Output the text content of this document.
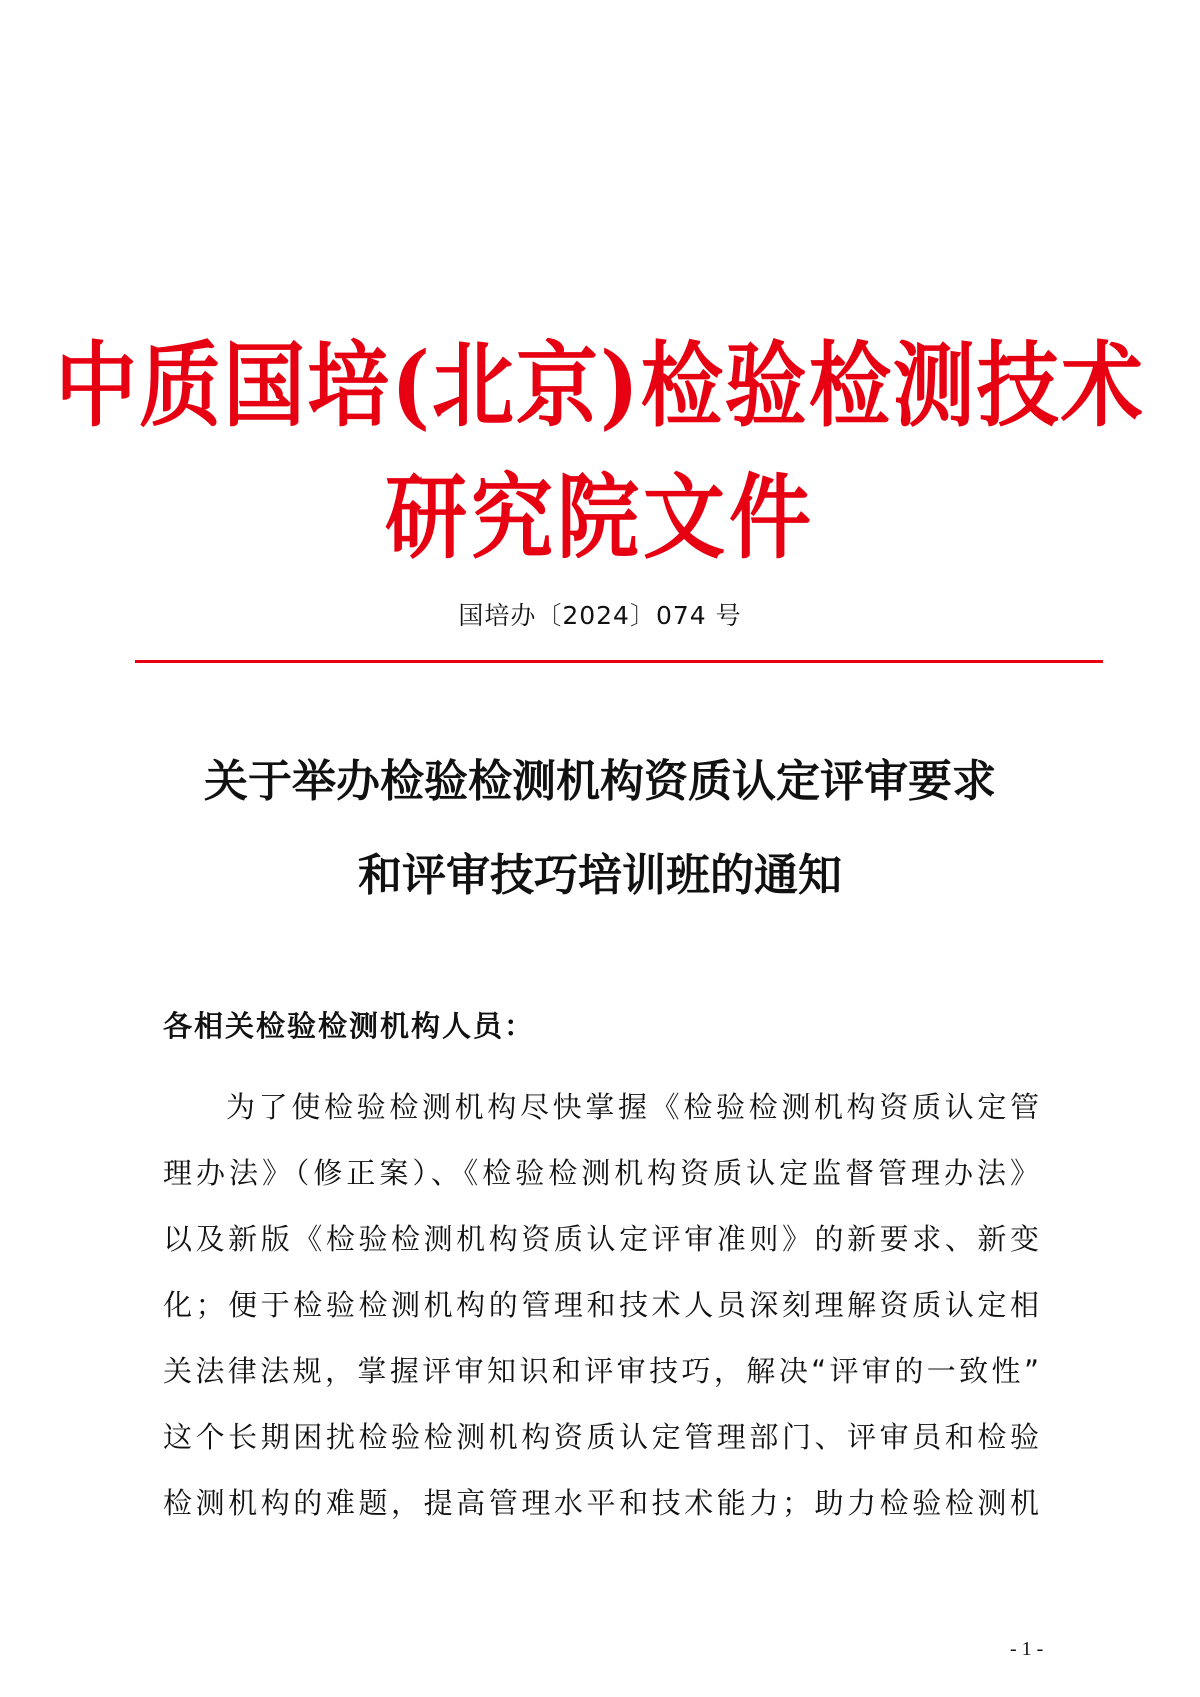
中质国培(北京)检验检测技术
研究院文件
国培办〔2024〕074 号
关于举办检验检测机构资质认定评审要求
和评审技巧培训班的通知
各相关检验检测机构人员：
为了使检验检测机构尽快掌握《检验检测机构资质认定管
理办法》（修正案）、《检验检测机构资质认定监督管理办法》
以及新版《检验检测机构资质认定评审准则》的新要求、新变
化；便于检验检测机构的管理和技术人员深刻理解资质认定相
关法律法规，掌握评审知识和评审技巧，解决“评审的一致性”
这个长期困扰检验检测机构资质认定管理部门、评审员和检验
检测机构的难题，提高管理水平和技术能力；助力检验检测机
- 1 -
